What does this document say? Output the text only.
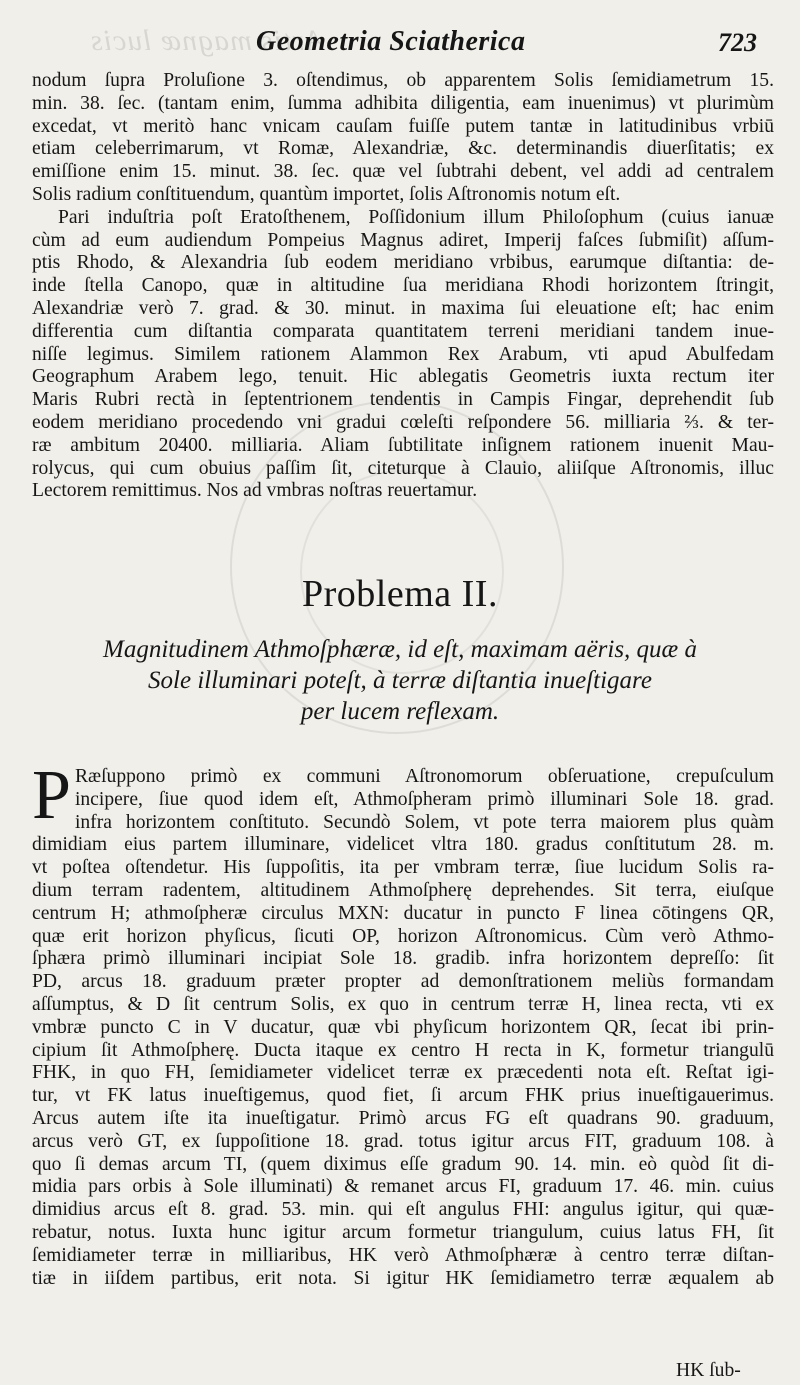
Artis magnæ lucis
Geometria Sciatherica	723
nodum ſupra Proluſione 3. oſtendimus, ob apparentem Solis ſemidiametrum 15.
min. 38. ſec. (tantam enim, ſumma adhibita diligentia, eam inuenimus) vt plurimùm
excedat, vt meritò hanc vnicam cauſam fuiſſe putem tantæ in latitudinibus vrbiū
etiam celeberrimarum, vt Romæ, Alexandriæ, &c. determinandis diuerſitatis; ex
emiſſione enim 15. minut. 38. ſec. quæ vel ſubtrahi debent, vel addi ad centralem
Solis radium conſtituendum, quantùm importet, ſolis Aſtronomis notum eſt.
Pari induſtria poſt Eratoſthenem, Poſſidonium illum Philoſophum (cuius ianuæ
cùm ad eum audiendum Pompeius Magnus adiret, Imperij faſces ſubmiſit) aſſum-
ptis Rhodo, & Alexandria ſub eodem meridiano vrbibus, earumque diſtantia: de-
inde ſtella Canopo, quæ in altitudine ſua meridiana Rhodi horizontem ſtringit,
Alexandriæ verò 7. grad. & 30. minut. in maxima ſui eleuatione eſt; hac enim
differentia cum diſtantia comparata quantitatem terreni meridiani tandem inue-
niſſe legimus. Similem rationem Alammon Rex Arabum, vti apud Abulfedam
Geographum Arabem lego, tenuit. Hic ablegatis Geometris iuxta rectum iter
Maris Rubri rectà in ſeptentrionem tendentis in Campis Fingar, deprehendit ſub
eodem meridiano procedendo vni gradui cœleſti reſpondere 56. milliaria ⅔. & ter-
ræ ambitum 20400. milliaria. Aliam ſubtilitate inſignem rationem inuenit Mau-
rolycus, qui cum obuius paſſim ſit, citeturque à Clauio, aliiſque Aſtronomis, illuc
Lectorem remittimus. Nos ad vmbras noſtras reuertamur.
Problema II.
Magnitudinem Athmoſphæræ, id eſt, maximam aëris, quæ à
Sole illuminari poteſt, à terræ diſtantia inueſtigare
per lucem reflexam.
P Ræſuppono primò ex communi Aſtronomorum obſeruatione, crepuſculum
incipere, ſiue quod idem eſt, Athmoſpheram primò illuminari Sole 18. grad.
infra horizontem conſtituto. Secundò Solem, vt pote terra maiorem plus quàm
dimidiam eius partem illuminare, videlicet vltra 180. gradus conſtitutum 28. m.
vt poſtea oſtendetur. His ſuppoſitis, ita per vmbram terræ, ſiue lucidum Solis ra-
dium terram radentem, altitudinem Athmoſpherę deprehendes. Sit terra, eiuſque
centrum H; athmoſpheræ circulus MXN: ducatur in puncto F linea cōtingens QR,
quæ erit horizon phyſicus, ſicuti OP, horizon Aſtronomicus. Cùm verò Athmo-
ſphæra primò illuminari incipiat Sole 18. gradib. infra horizontem depreſſo: ſit
PD, arcus 18. graduum præter propter ad demonſtrationem meliùs formandam
aſſumptus, & D ſit centrum Solis, ex quo in centrum terræ H, linea recta, vti ex
vmbræ puncto C in V ducatur, quæ vbi phyſicum horizontem QR, ſecat ibi prin-
cipium ſit Athmoſpherę. Ducta itaque ex centro H recta in K, formetur triangulū
FHK, in quo FH, ſemidiameter videlicet terræ ex præcedenti nota eſt. Reſtat igi-
tur, vt FK latus inueſtigemus, quod fiet, ſi arcum FHK prius inueſtigauerimus.
Arcus autem iſte ita inueſtigatur. Primò arcus FG eſt quadrans 90. graduum,
arcus verò GT, ex ſuppoſitione 18. grad. totus igitur arcus FIT, graduum 108. à
quo ſi demas arcum TI, (quem diximus eſſe gradum 90. 14. min. eò quòd ſit di-
midia pars orbis à Sole illuminati) & remanet arcus FI, graduum 17. 46. min. cuius
dimidius arcus eſt 8. grad. 53. min. qui eſt angulus FHI: angulus igitur, qui quæ-
rebatur, notus. Iuxta hunc igitur arcum formetur triangulum, cuius latus FH, ſit
ſemidiameter terræ in milliaribus, HK verò Athmoſphæræ à centro terræ diſtan-
tiæ in iiſdem partibus, erit nota. Si igitur HK ſemidiametro terræ æqualem ab
HK ſub-
